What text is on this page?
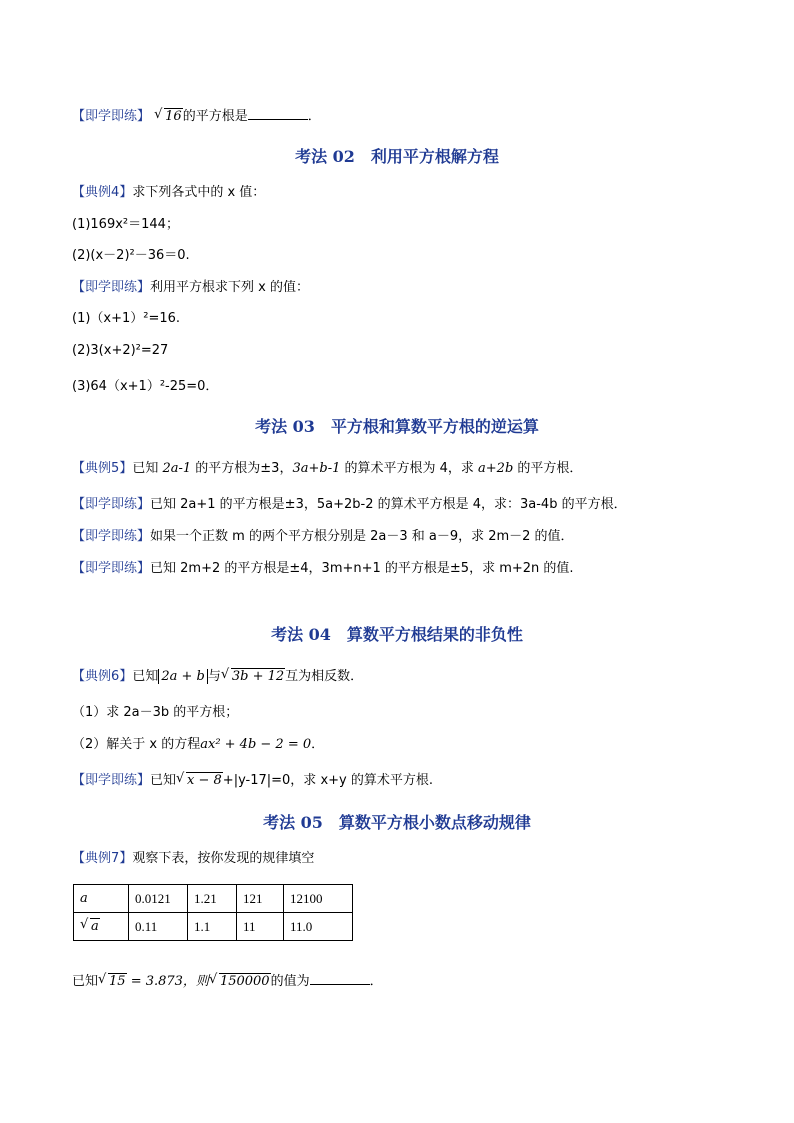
【即学即练】 √ 16的平方根是	．
考法 02　利用平方根解方程
【典例4】求下列各式中的 x 值：
(1)169x²＝144；
(2)(x－2)²－36＝0.
【即学即练】利用平方根求下列 x 的值：
(1)（x+1）²=16.
(2)3(x+2)²=27
(3)64（x+1）²-25=0．
考法 03　平方根和算数平方根的逆运算
【典例5】已知 2a-1 的平方根为±3，3a+b-1 的算术平方根为 4，求 a+2b 的平方根．
【即学即练】已知 2a+1 的平方根是±3，5a+2b-2 的算术平方根是 4，求：3a-4b 的平方根．
【即学即练】如果一个正数 m 的两个平方根分别是 2a－3 和 a－9，求 2m－2 的值．
【即学即练】已知 2m+2 的平方根是±4，3m+n+1 的平方根是±5，求 m+2n 的值.
考法 04　算数平方根结果的非负性
【典例6】已知 2a + b 与 √ 3b + 12互为相反数．
（1）求 2a－3b 的平方根；
（2）解关于 x 的方程ax² + 4b − 2 = 0．
【即学即练】已知 √ x − 8+|y-17|=0，求 x+y 的算术平方根.
考法 05　算数平方根小数点移动规律
【典例7】观察下表，按你发现的规律填空
a	0.0121	1.21	121	12100

√ a	0.11	1.1	11	11.0
已知 √ 15 = 3.873，则 √ 150000的值为	．
